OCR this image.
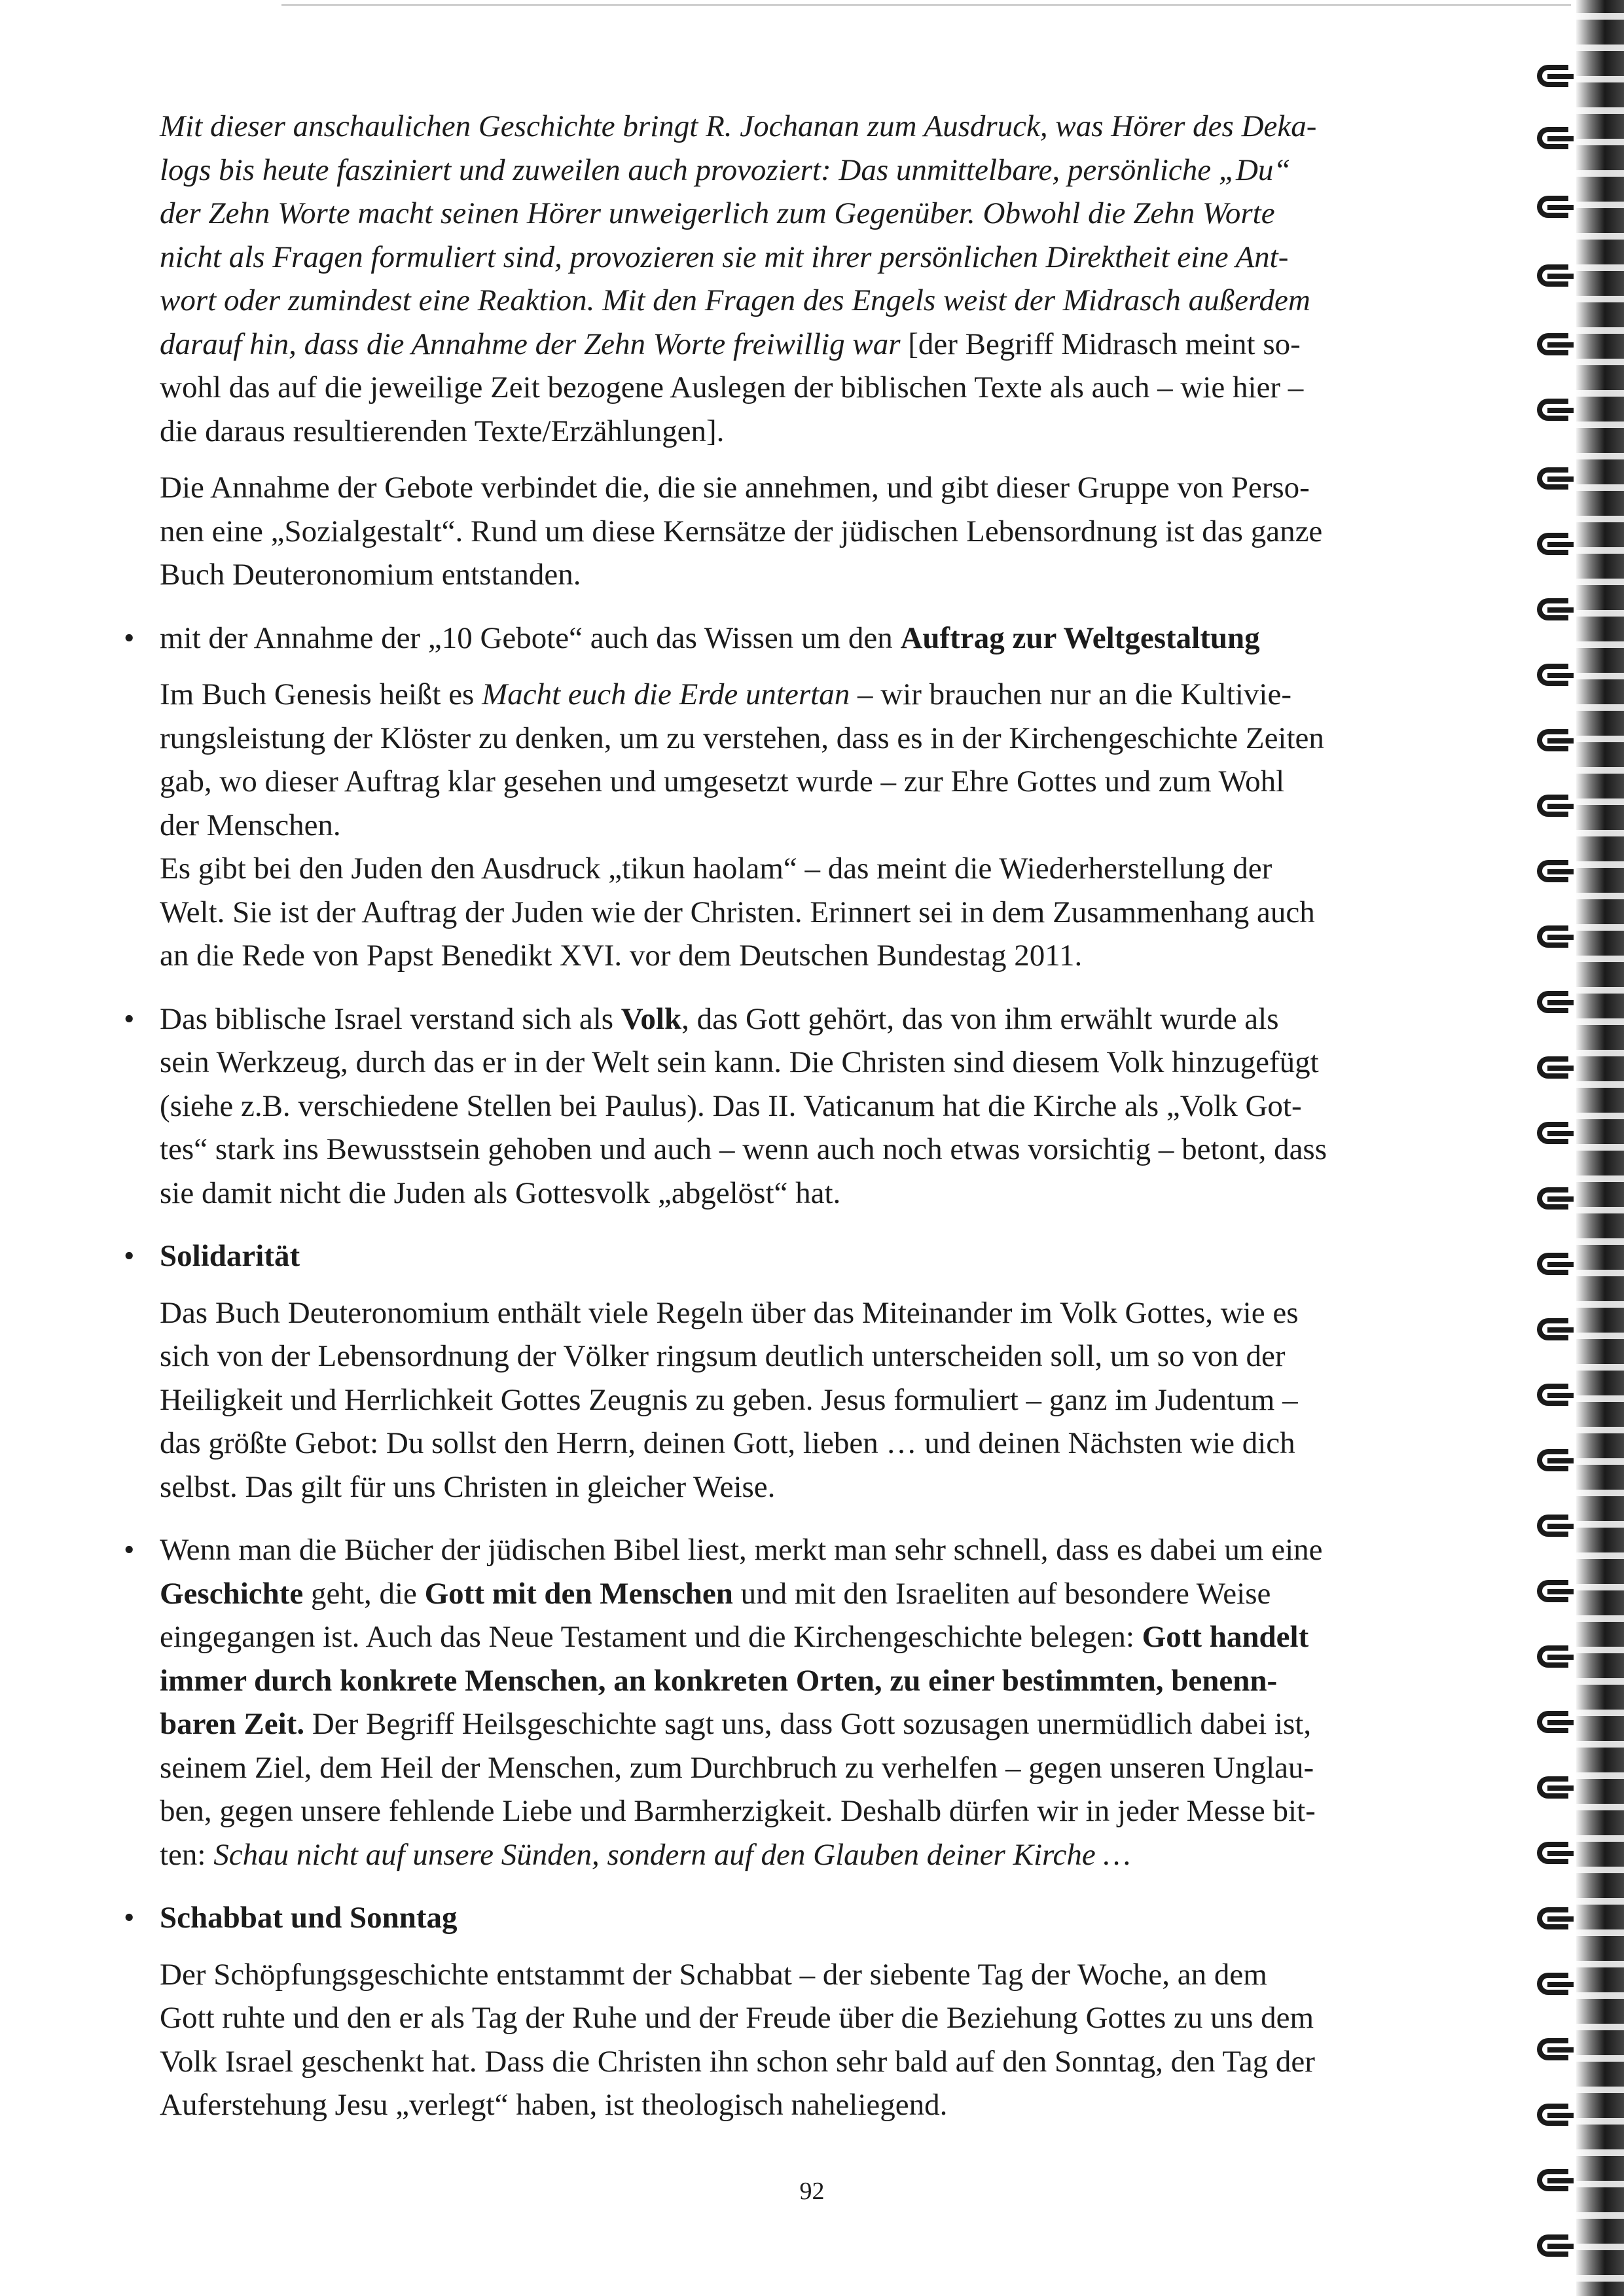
Mit dieser anschaulichen Geschichte bringt R. Jochanan zum Ausdruck, was Hörer des Deka-
logs bis heute fasziniert und zuweilen auch provoziert: Das unmittelbare, persönliche „Du“
der Zehn Worte macht seinen Hörer unweigerlich zum Gegenüber. Obwohl die Zehn Worte
nicht als Fragen formuliert sind, provozieren sie mit ihrer persönlichen Direktheit eine Ant-
wort oder zumindest eine Reaktion. Mit den Fragen des Engels weist der Midrasch außerdem
darauf hin, dass die Annahme der Zehn Worte freiwillig war [der Begriff Midrasch meint so-
wohl das auf die jeweilige Zeit bezogene Auslegen der biblischen Texte als auch – wie hier –
die daraus resultierenden Texte/Erzählungen].

Die Annahme der Gebote verbindet die, die sie annehmen, und gibt dieser Gruppe von Perso-
nen eine „Sozialgestalt“. Rund um diese Kernsätze der jüdischen Lebensordnung ist das ganze
Buch Deuteronomium entstanden.

• mit der Annahme der „10 Gebote“ auch das Wissen um den Auftrag zur Weltgestaltung

Im Buch Genesis heißt es Macht euch die Erde untertan – wir brauchen nur an die Kultivie-
rungsleistung der Klöster zu denken, um zu verstehen, dass es in der Kirchengeschichte Zeiten
gab, wo dieser Auftrag klar gesehen und umgesetzt wurde – zur Ehre Gottes und zum Wohl
der Menschen.
Es gibt bei den Juden den Ausdruck „tikun haolam“ – das meint die Wiederherstellung der
Welt. Sie ist der Auftrag der Juden wie der Christen. Erinnert sei in dem Zusammenhang auch
an die Rede von Papst Benedikt XVI. vor dem Deutschen Bundestag 2011.

• Das biblische Israel verstand sich als Volk, das Gott gehört, das von ihm erwählt wurde als
sein Werkzeug, durch das er in der Welt sein kann. Die Christen sind diesem Volk hinzugefügt
(siehe z.B. verschiedene Stellen bei Paulus). Das II. Vaticanum hat die Kirche als „Volk Got-
tes“ stark ins Bewusstsein gehoben und auch – wenn auch noch etwas vorsichtig – betont, dass
sie damit nicht die Juden als Gottesvolk „abgelöst“ hat.

• Solidarität

Das Buch Deuteronomium enthält viele Regeln über das Miteinander im Volk Gottes, wie es
sich von der Lebensordnung der Völker ringsum deutlich unterscheiden soll, um so von der
Heiligkeit und Herrlichkeit Gottes Zeugnis zu geben. Jesus formuliert – ganz im Judentum –
das größte Gebot: Du sollst den Herrn, deinen Gott, lieben … und deinen Nächsten wie dich
selbst. Das gilt für uns Christen in gleicher Weise.

• Wenn man die Bücher der jüdischen Bibel liest, merkt man sehr schnell, dass es dabei um eine
Geschichte geht, die Gott mit den Menschen und mit den Israeliten auf besondere Weise
eingegangen ist. Auch das Neue Testament und die Kirchengeschichte belegen: Gott handelt
immer durch konkrete Menschen, an konkreten Orten, zu einer bestimmten, benenn-
baren Zeit. Der Begriff Heilsgeschichte sagt uns, dass Gott sozusagen unermüdlich dabei ist,
seinem Ziel, dem Heil der Menschen, zum Durchbruch zu verhelfen – gegen unseren Unglau-
ben, gegen unsere fehlende Liebe und Barmherzigkeit. Deshalb dürfen wir in jeder Messe bit-
ten: Schau nicht auf unsere Sünden, sondern auf den Glauben deiner Kirche …

• Schabbat und Sonntag

Der Schöpfungsgeschichte entstammt der Schabbat – der siebente Tag der Woche, an dem
Gott ruhte und den er als Tag der Ruhe und der Freude über die Beziehung Gottes zu uns dem
Volk Israel geschenkt hat. Dass die Christen ihn schon sehr bald auf den Sonntag, den Tag der
Auferstehung Jesu „verlegt“ haben, ist theologisch naheliegend.

92
